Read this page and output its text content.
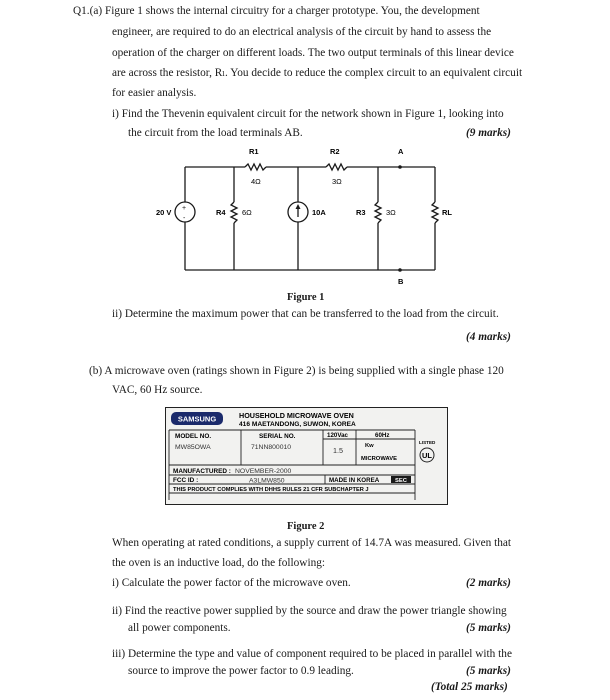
Q1.(a) Figure 1 shows the internal circuitry for a charger prototype. You, the development
engineer, are required to do an electrical analysis of the circuit by hand to assess the
operation of the charger on different loads. The two output terminals of this linear device
are across the resistor, Rₗ. You decide to reduce the complex circuit to an equivalent circuit
for easier analysis.
i) Find the Thevenin equivalent circuit for the network shown in Figure 1, looking into
the circuit from the load terminals AB.	(9 marks)
+
-
R1
4Ω
R2
3Ω
A
B
20 V	R4 6Ω	10A	R3	3Ω	RL
Figure 1
ii) Determine the maximum power that can be transferred to the load from the circuit.
(4 marks)
(b) A microwave oven (ratings shown in Figure 2) is being supplied with a single phase 120
VAC, 60 Hz source.
SAMSUNG	HOUSEHOLD MICROWAVE OVEN
416 MAETANDONG, SUWON, KOREA
MODEL NO.
MW85OWA
SERIAL NO.
71NN800010
120Vac	60Hz
1.5	Kw
MICROWAVE
LISTED
UL
MANUFACTURED : NOVEMBER-2000
FCC ID :	A3LMW850	MADE IN KOREA	SEC
THIS PRODUCT COMPLIES WITH DHHS RULES 21 CFR SUBCHAPTER J
Figure 2
When operating at rated conditions, a supply current of 14.7A was measured. Given that
the oven is an inductive load, do the following:
i) Calculate the power factor of the microwave oven.	(2 marks)
ii) Find the reactive power supplied by the source and draw the power triangle showing
all power components.	(5 marks)
iii) Determine the type and value of component required to be placed in parallel with the
source to improve the power factor to 0.9 leading.	(5 marks)
(Total 25 marks)
